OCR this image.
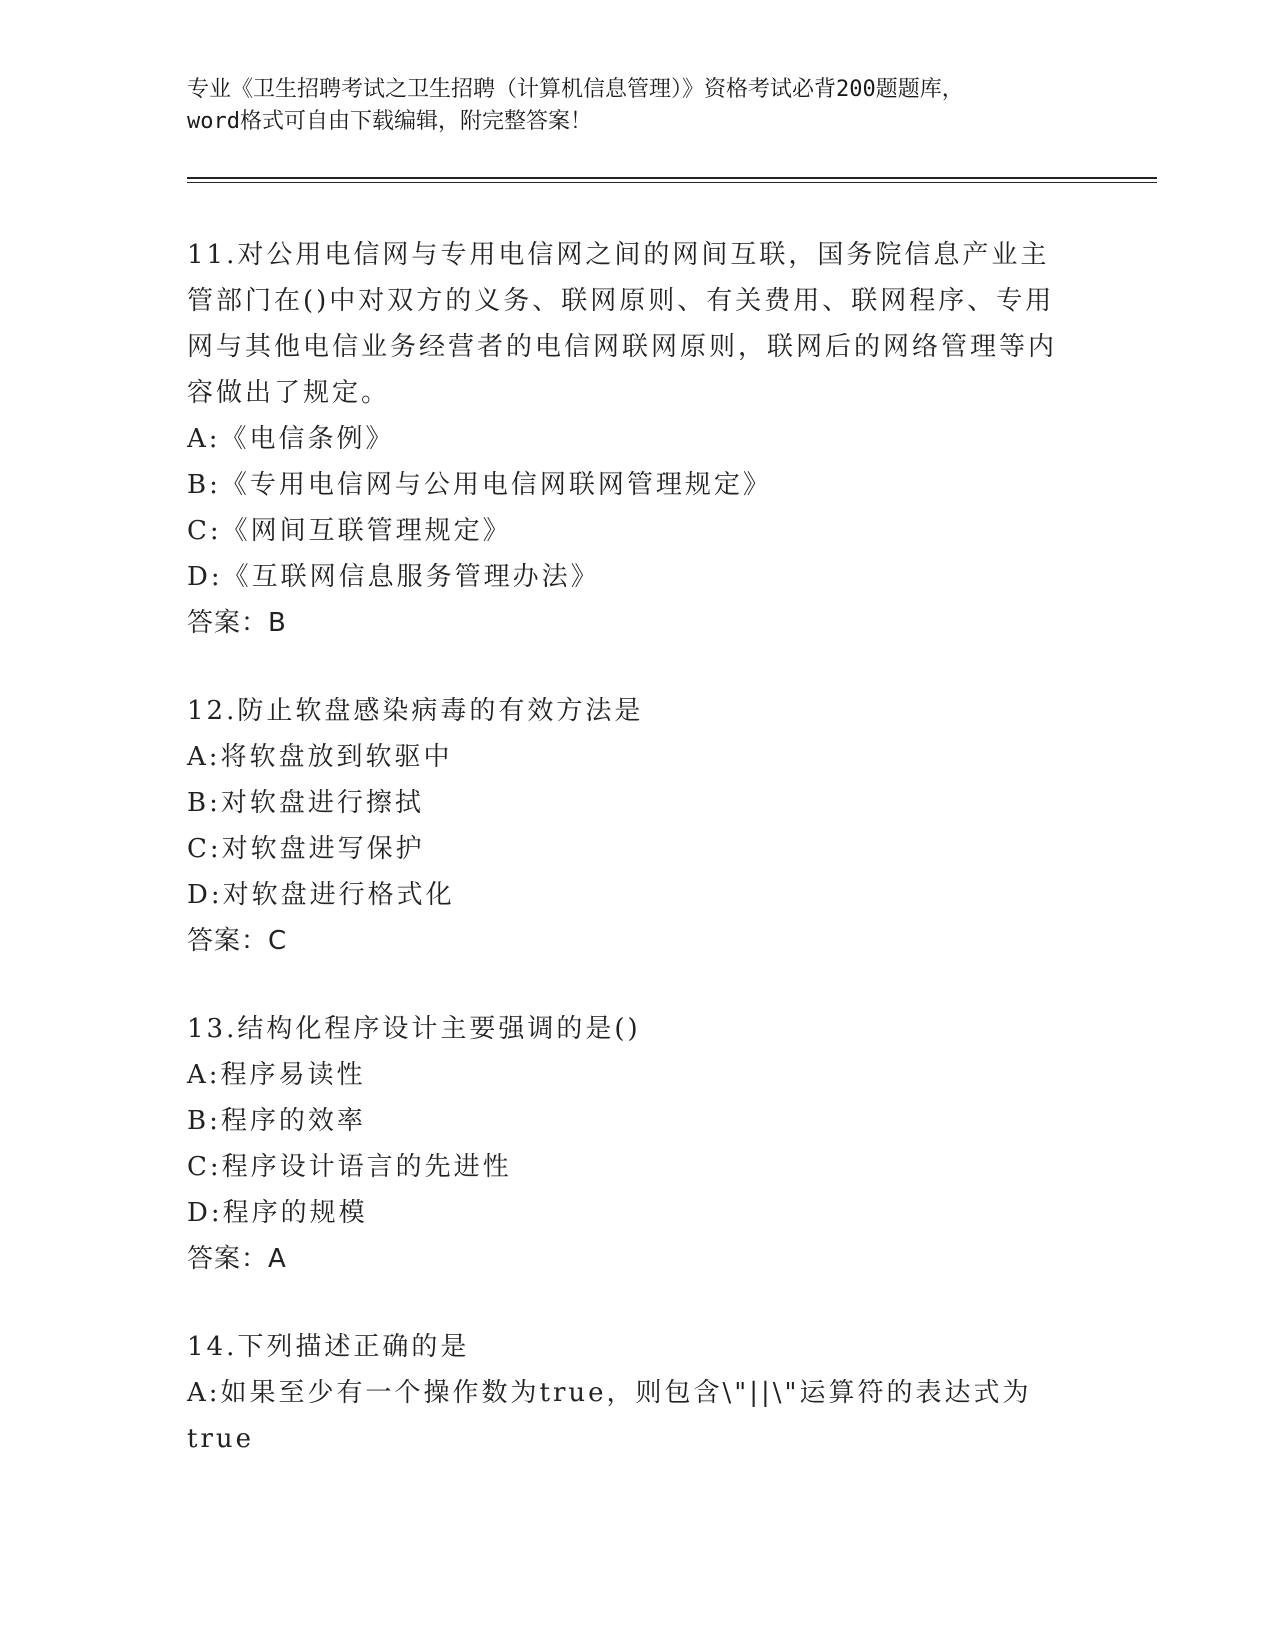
专业《卫生招聘考试之卫生招聘（计算机信息管理）》资格考试必背200题题库，
word格式可自由下载编辑，附完整答案！

11.对公用电信网与专用电信网之间的网间互联，国务院信息产业主管部门在()中对双方的义务、联网原则、有关费用、联网程序、专用网与其他电信业务经营者的电信网联网原则，联网后的网络管理等内容做出了规定。

A:《电信条例》

B:《专用电信网与公用电信网联网管理规定》

C:《网间互联管理规定》

D:《互联网信息服务管理办法》

答案：B

12.防止软盘感染病毒的有效方法是

A:将软盘放到软驱中

B:对软盘进行擦拭

C:对软盘进写保护

D:对软盘进行格式化

答案：C

13.结构化程序设计主要强调的是()

A:程序易读性

B:程序的效率

C:程序设计语言的先进性

D:程序的规模

答案：A

14.下列描述正确的是

A:如果至少有一个操作数为true，则包含\"||\"运算符的表达式为true
